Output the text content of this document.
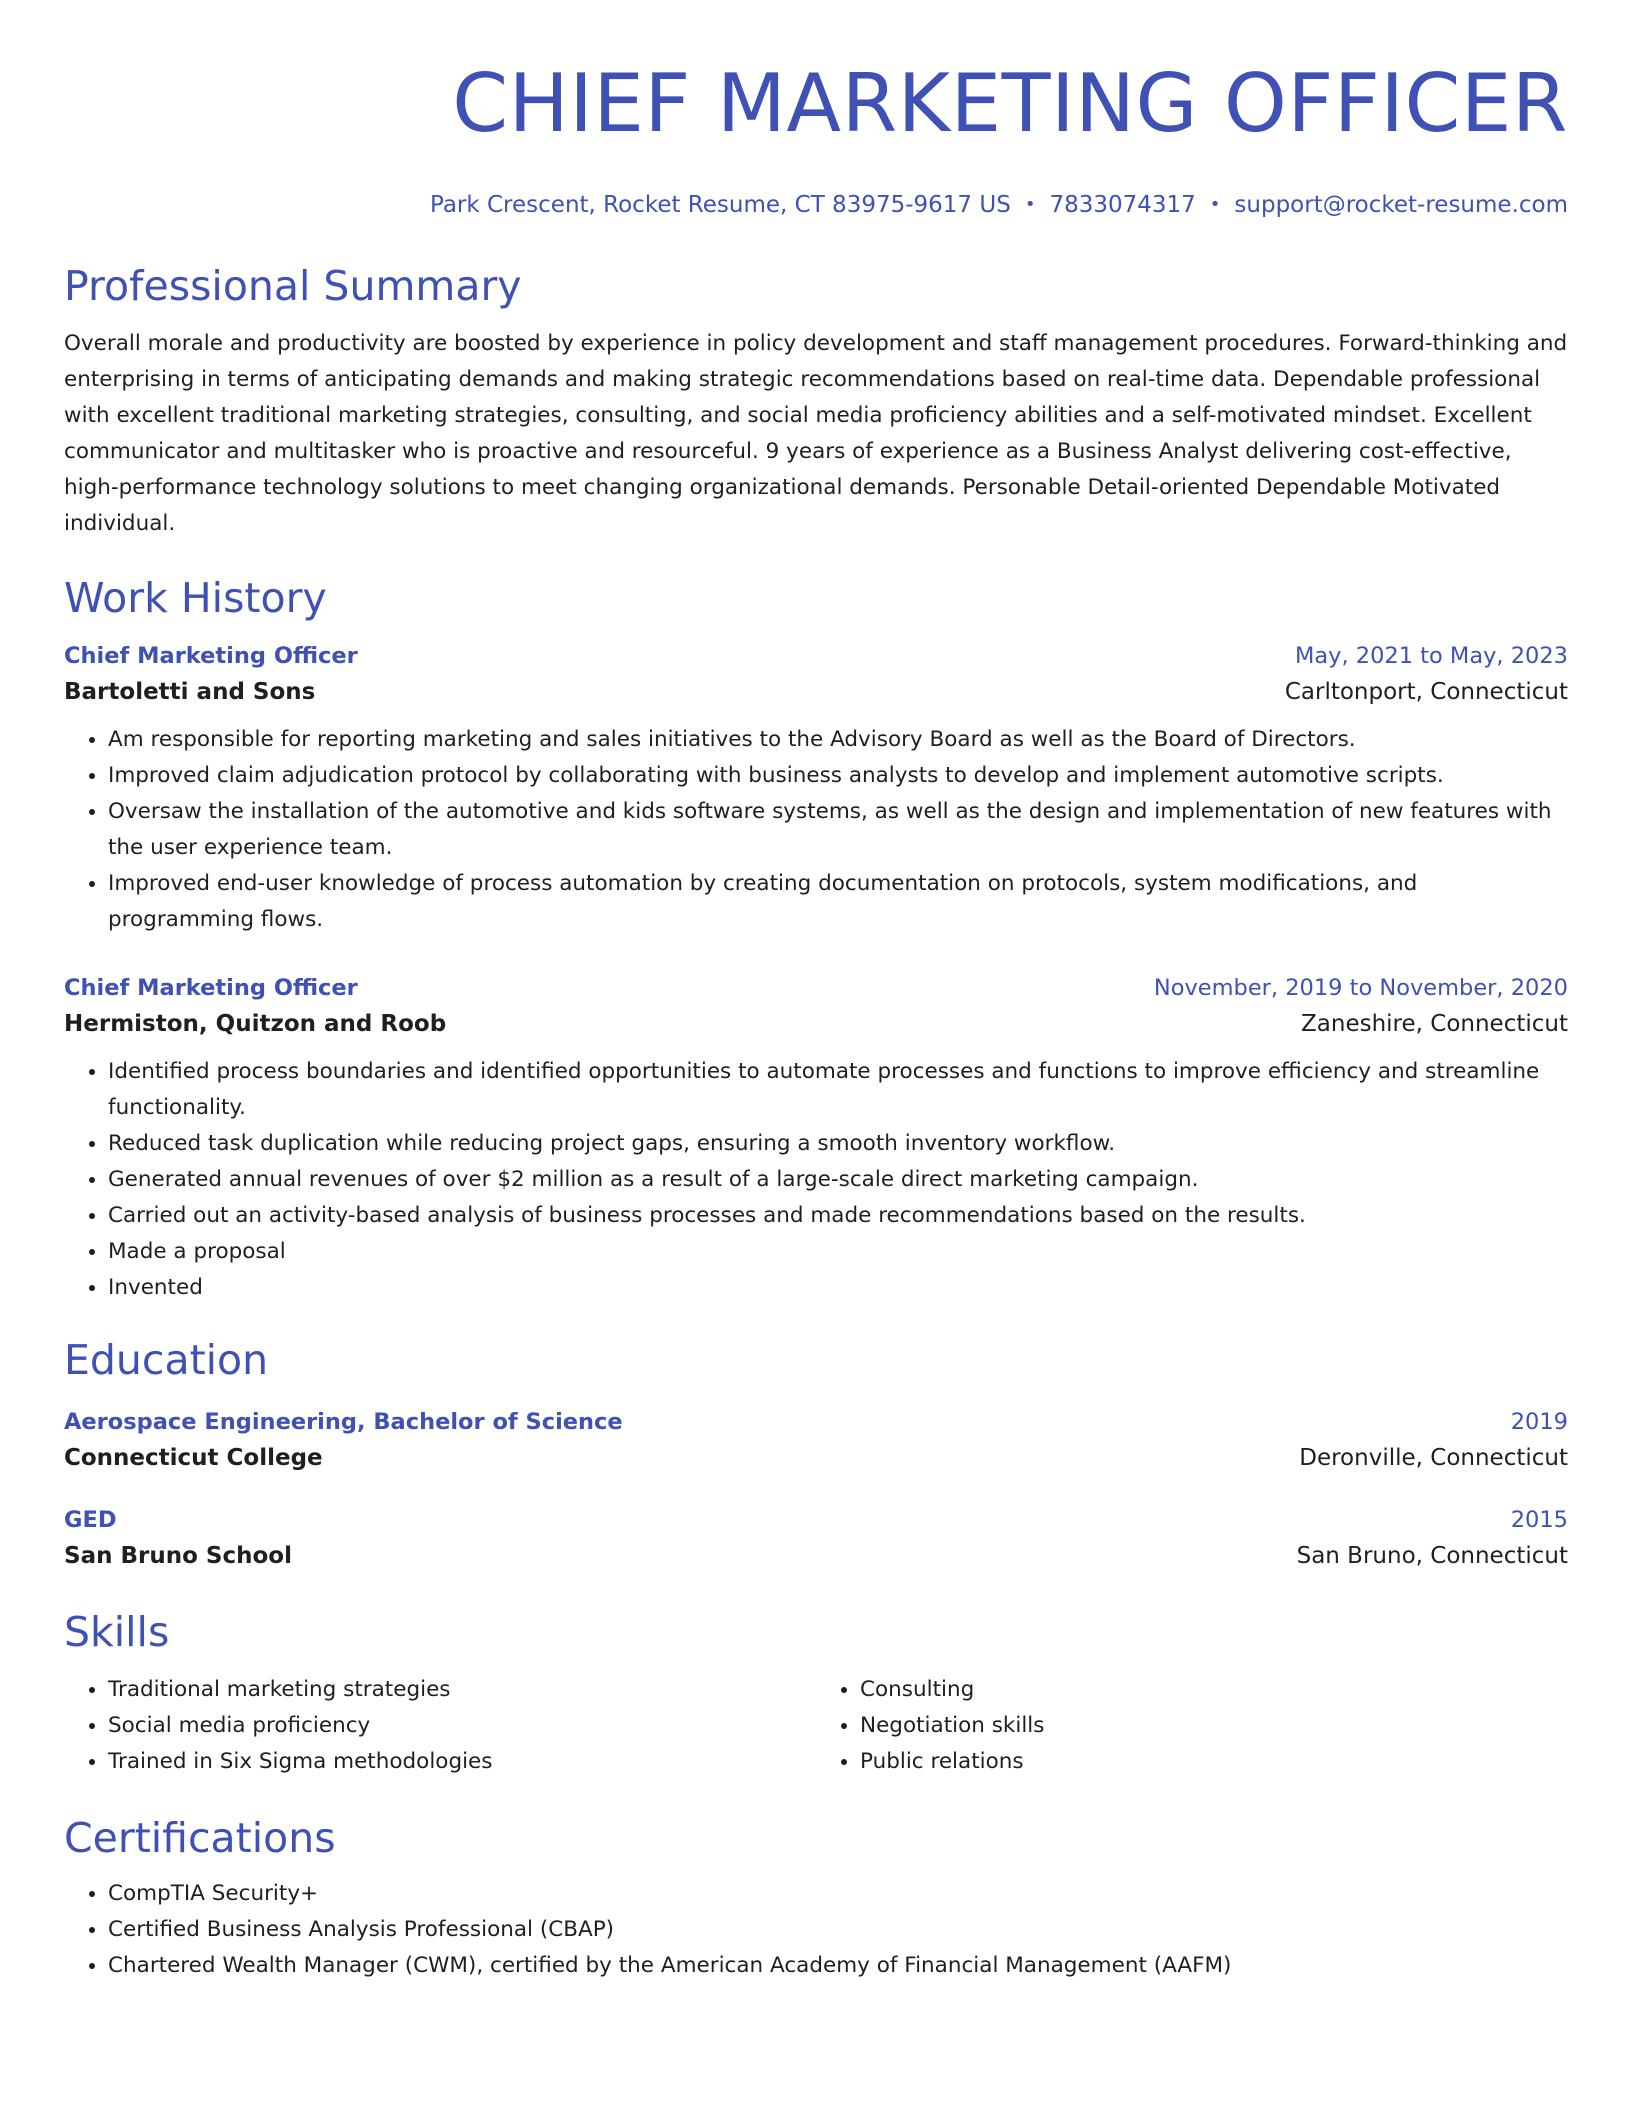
CHIEF MARKETING OFFICER
Park Crescent, Rocket Resume, CT 83975-9617 US • 7833074317 • support@rocket-resume.com
Professional Summary
Overall morale and productivity are boosted by experience in policy development and staff management procedures. Forward-thinking and enterprising in terms of anticipating demands and making strategic recommendations based on real-time data. Dependable professional with excellent traditional marketing strategies, consulting, and social media proficiency abilities and a self-motivated mindset. Excellent communicator and multitasker who is proactive and resourceful. 9 years of experience as a Business Analyst delivering cost-effective, high-performance technology solutions to meet changing organizational demands. Personable Detail-oriented Dependable Motivated individual.
Work History
Chief Marketing Officer	May, 2021 to May, 2023
Bartoletti and Sons	Carltonport, Connecticut
• Am responsible for reporting marketing and sales initiatives to the Advisory Board as well as the Board of Directors.
• Improved claim adjudication protocol by collaborating with business analysts to develop and implement automotive scripts.
• Oversaw the installation of the automotive and kids software systems, as well as the design and implementation of new features with the user experience team.
• Improved end-user knowledge of process automation by creating documentation on protocols, system modifications, and programming flows.
Chief Marketing Officer	November, 2019 to November, 2020
Hermiston, Quitzon and Roob	Zaneshire, Connecticut
• Identified process boundaries and identified opportunities to automate processes and functions to improve efficiency and streamline functionality.
• Reduced task duplication while reducing project gaps, ensuring a smooth inventory workflow.
• Generated annual revenues of over $2 million as a result of a large-scale direct marketing campaign.
• Carried out an activity-based analysis of business processes and made recommendations based on the results.
• Made a proposal
• Invented
Education
Aerospace Engineering, Bachelor of Science	2019
Connecticut College	Deronville, Connecticut
GED	2015
San Bruno School	San Bruno, Connecticut
Skills
• Traditional marketing strategies
• Social media proficiency
• Trained in Six Sigma methodologies
• Consulting
• Negotiation skills
• Public relations
Certifications
• CompTIA Security+
• Certified Business Analysis Professional (CBAP)
• Chartered Wealth Manager (CWM), certified by the American Academy of Financial Management (AAFM)
